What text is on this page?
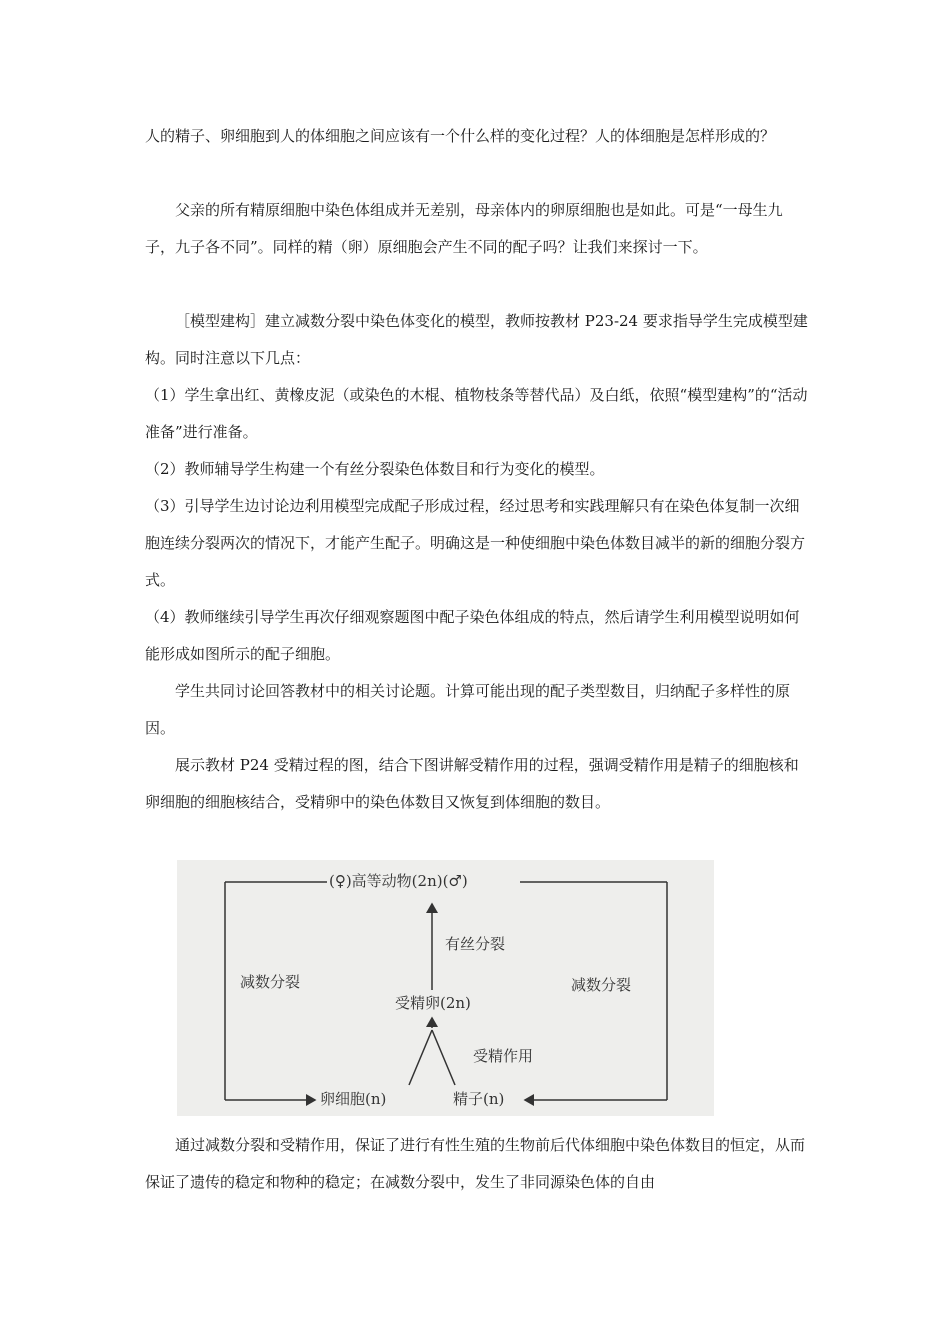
人的精子、卵细胞到人的体细胞之间应该有一个什么样的变化过程？人的体细胞是怎样形成的？

父亲的所有精原细胞中染色体组成并无差别，母亲体内的卵原细胞也是如此。可是“一母生九子，九子各不同”。同样的精（卵）原细胞会产生不同的配子吗？让我们来探讨一下。

［模型建构］建立减数分裂中染色体变化的模型，教师按教材 P23-24 要求指导学生完成模型建构。同时注意以下几点：

（1）学生拿出红、黄橡皮泥（或染色的木棍、植物枝条等替代品）及白纸，依照“模型建构”的“活动准备”进行准备。

（2）教师辅导学生构建一个有丝分裂染色体数目和行为变化的模型。

（3）引导学生边讨论边利用模型完成配子形成过程，经过思考和实践理解只有在染色体复制一次细胞连续分裂两次的情况下，才能产生配子。明确这是一种使细胞中染色体数目减半的新的细胞分裂方式。

（4）教师继续引导学生再次仔细观察题图中配子染色体组成的特点，然后请学生利用模型说明如何能形成如图所示的配子细胞。

学生共同讨论回答教材中的相关讨论题。计算可能出现的配子类型数目，归纳配子多样性的原因。

展示教材 P24 受精过程的图，结合下图讲解受精作用的过程，强调受精作用是精子的细胞核和卵细胞的细胞核结合，受精卵中的染色体数目又恢复到体细胞的数目。

(♀)高等动物(2n)(♂)
有丝分裂
减数分裂	减数分裂
受精卵(2n)
受精作用
卵细胞(n)	精子(n)

通过减数分裂和受精作用，保证了进行有性生殖的生物前后代体细胞中染色体数目的恒定，从而保证了遗传的稳定和物种的稳定；在减数分裂中，发生了非同源染色体的自由
